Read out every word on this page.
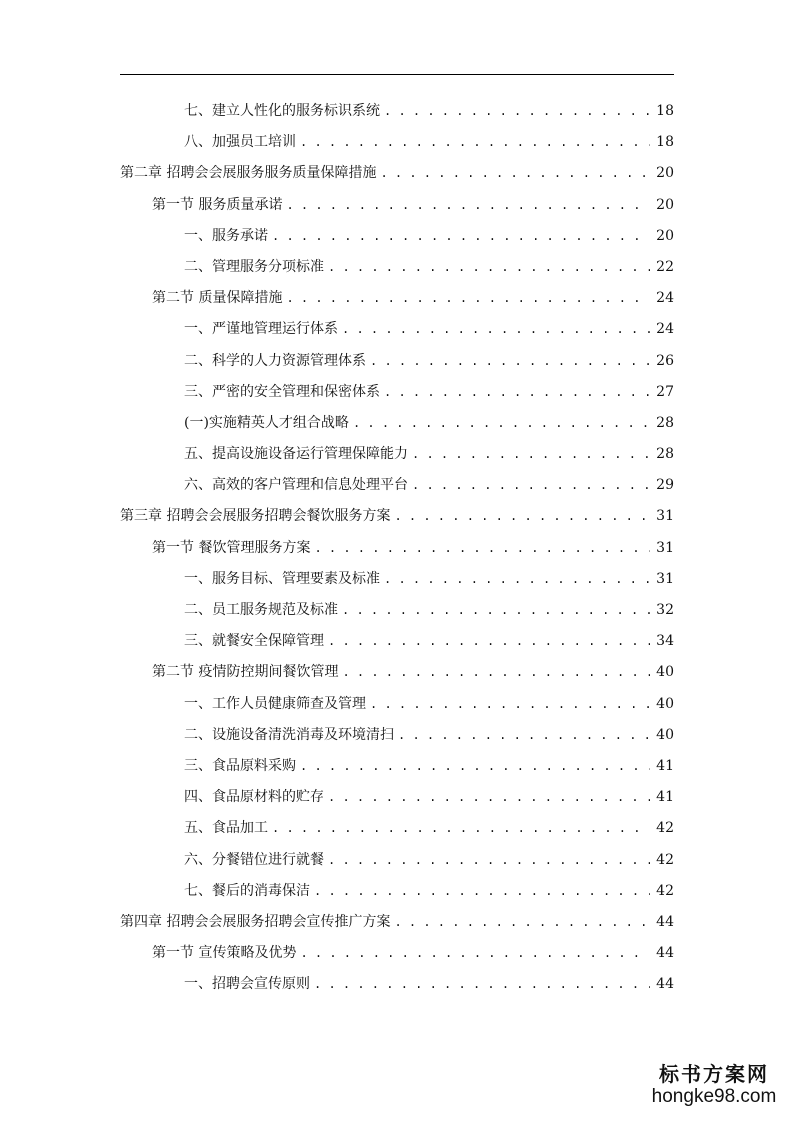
七、建立人性化的服务标识系统 . . .	18
八、加强员工培训 . . .	18
第二章 招聘会会展服务服务质量保障措施 . . .	20
第一节 服务质量承诺 . . .	20
一、服务承诺 . . .	20
二、管理服务分项标准 . . .	22
第二节 质量保障措施 . . .	24
一、严谨地管理运行体系 . . .	24
二、科学的人力资源管理体系 . . .	26
三、严密的安全管理和保密体系 . . .	27
(一)实施精英人才组合战略 . . .	28
五、提高设施设备运行管理保障能力 . . .	28
六、高效的客户管理和信息处理平台 . . .	29
第三章 招聘会会展服务招聘会餐饮服务方案 . . .	31
第一节 餐饮管理服务方案 . . .	31
一、服务目标、管理要素及标准 . . .	31
二、员工服务规范及标准 . . .	32
三、就餐安全保障管理 . . .	34
第二节 疫情防控期间餐饮管理 . . .	40
一、工作人员健康筛查及管理 . . .	40
二、设施设备清洗消毒及环境清扫 . . .	40
三、食品原料采购 . . .	41
四、食品原材料的贮存 . . .	41
五、食品加工 . . .	42
六、分餐错位进行就餐 . . .	42
七、餐后的消毒保洁 . . .	42
第四章 招聘会会展服务招聘会宣传推广方案 . . .	44
第一节 宣传策略及优势 . . .	44
一、招聘会宣传原则 . . .	44
标书方案网
hongke98.com
